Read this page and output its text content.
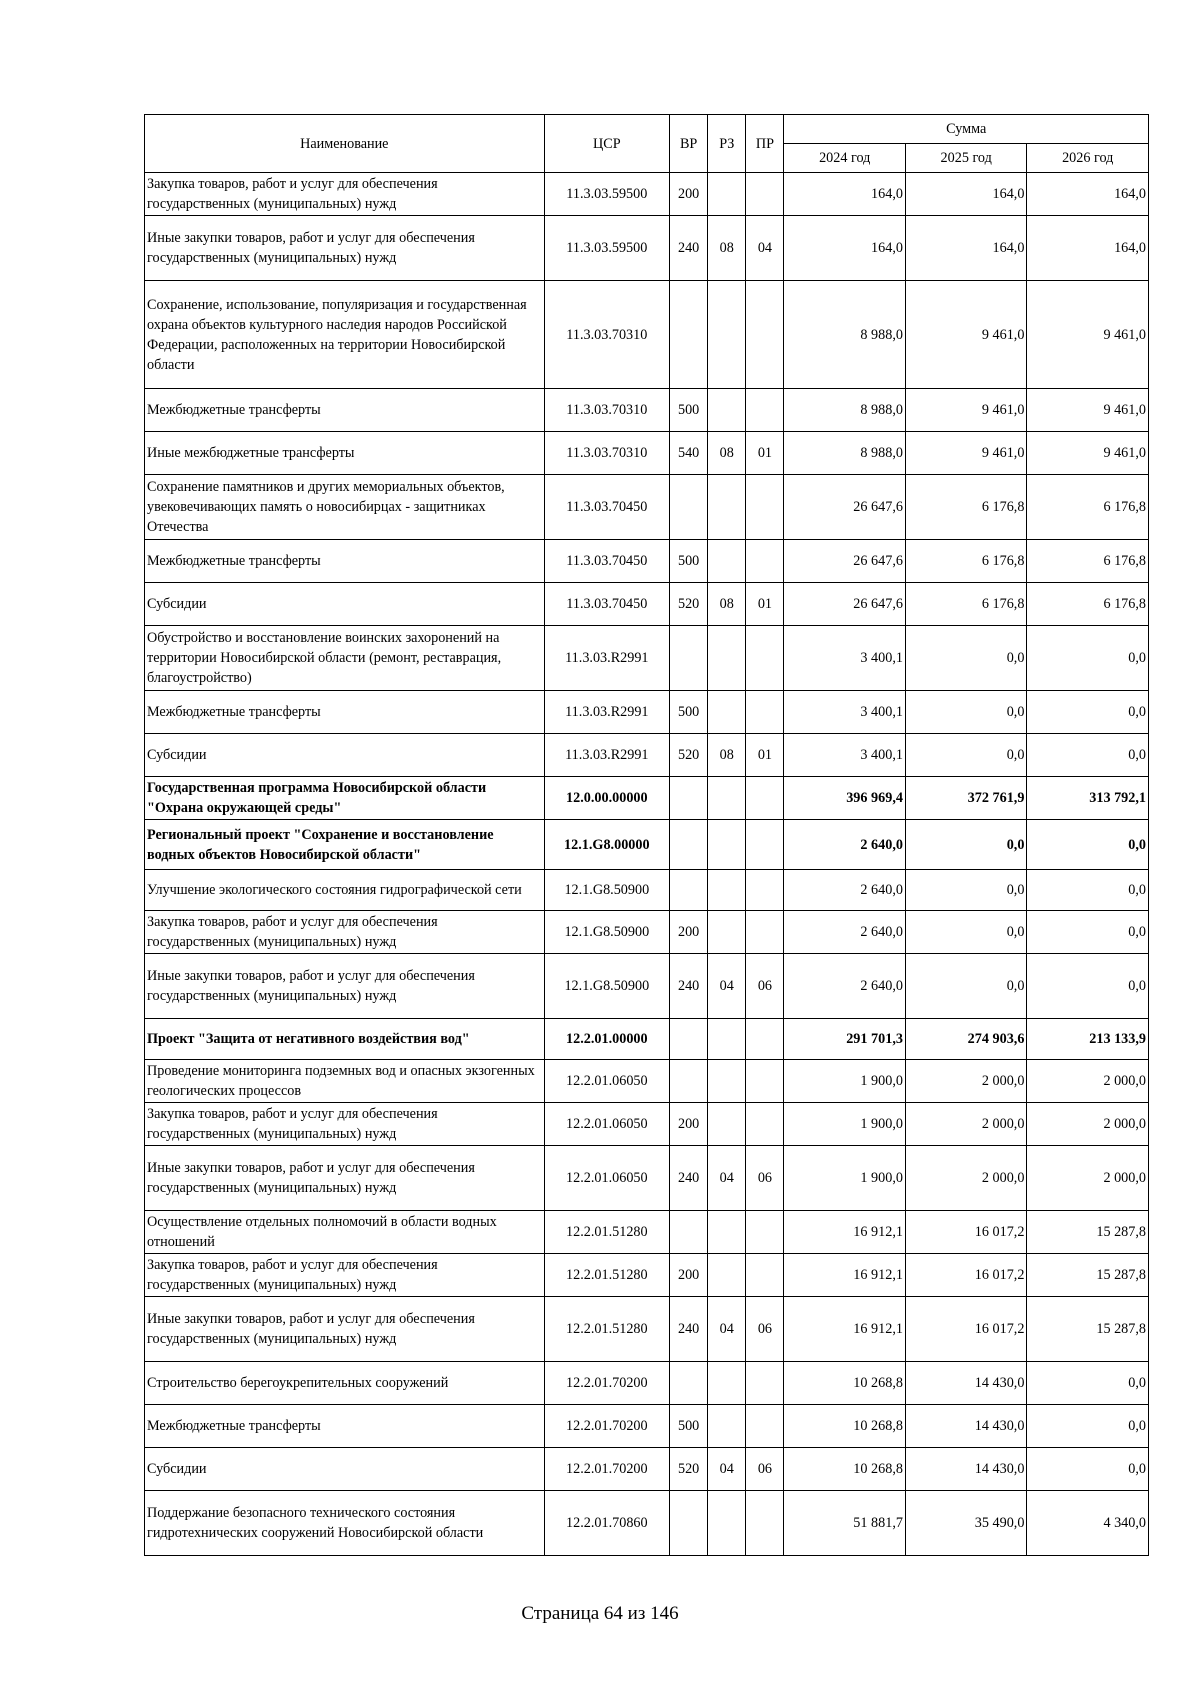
Наименование	ЦСР	ВР	РЗ	ПР	Сумма		
					2024 год	2025 год	2026 год
Закупка товаров, работ и услуг для обеспечения государственных (муниципальных) нужд	11.3.03.59500	200			164,0	164,0	164,0
Иные закупки товаров, работ и услуг для обеспечения государственных (муниципальных) нужд	11.3.03.59500	240	08	04	164,0	164,0	164,0
Сохранение, использование, популяризация и государственная охрана объектов культурного наследия народов Российской Федерации, расположенных на территории Новосибирской области	11.3.03.70310				8 988,0	9 461,0	9 461,0
Межбюджетные трансферты	11.3.03.70310	500			8 988,0	9 461,0	9 461,0
Иные межбюджетные трансферты	11.3.03.70310	540	08	01	8 988,0	9 461,0	9 461,0
Сохранение памятников и других мемориальных объектов, увековечивающих память о новосибирцах - защитниках Отечества	11.3.03.70450				26 647,6	6 176,8	6 176,8
Межбюджетные трансферты	11.3.03.70450	500			26 647,6	6 176,8	6 176,8
Субсидии	11.3.03.70450	520	08	01	26 647,6	6 176,8	6 176,8
Обустройство и восстановление воинских захоронений на территории Новосибирской области (ремонт, реставрация, благоустройство)	11.3.03.R2991				3 400,1	0,0	0,0
Межбюджетные трансферты	11.3.03.R2991	500			3 400,1	0,0	0,0
Субсидии	11.3.03.R2991	520	08	01	3 400,1	0,0	0,0
Государственная программа Новосибирской области "Охрана окружающей среды"	12.0.00.00000				396 969,4	372 761,9	313 792,1
Региональный проект "Сохранение и восстановление водных объектов Новосибирской области"	12.1.G8.00000				2 640,0	0,0	0,0
Улучшение экологического состояния гидрографической сети	12.1.G8.50900				2 640,0	0,0	0,0
Закупка товаров, работ и услуг для обеспечения государственных (муниципальных) нужд	12.1.G8.50900	200			2 640,0	0,0	0,0
Иные закупки товаров, работ и услуг для обеспечения государственных (муниципальных) нужд	12.1.G8.50900	240	04	06	2 640,0	0,0	0,0
Проект "Защита от негативного воздействия вод"	12.2.01.00000				291 701,3	274 903,6	213 133,9
Проведение мониторинга подземных вод и опасных экзогенных геологических процессов	12.2.01.06050				1 900,0	2 000,0	2 000,0
Закупка товаров, работ и услуг для обеспечения государственных (муниципальных) нужд	12.2.01.06050	200			1 900,0	2 000,0	2 000,0
Иные закупки товаров, работ и услуг для обеспечения государственных (муниципальных) нужд	12.2.01.06050	240	04	06	1 900,0	2 000,0	2 000,0
Осуществление отдельных полномочий в области водных отношений	12.2.01.51280				16 912,1	16 017,2	15 287,8
Закупка товаров, работ и услуг для обеспечения государственных (муниципальных) нужд	12.2.01.51280	200			16 912,1	16 017,2	15 287,8
Иные закупки товаров, работ и услуг для обеспечения государственных (муниципальных) нужд	12.2.01.51280	240	04	06	16 912,1	16 017,2	15 287,8
Строительство берегоукрепительных сооружений	12.2.01.70200				10 268,8	14 430,0	0,0
Межбюджетные трансферты	12.2.01.70200	500			10 268,8	14 430,0	0,0
Субсидии	12.2.01.70200	520	04	06	10 268,8	14 430,0	0,0
Поддержание безопасного технического состояния гидротехнических сооружений Новосибирской области	12.2.01.70860				51 881,7	35 490,0	4 340,0
Страница 64 из 146
